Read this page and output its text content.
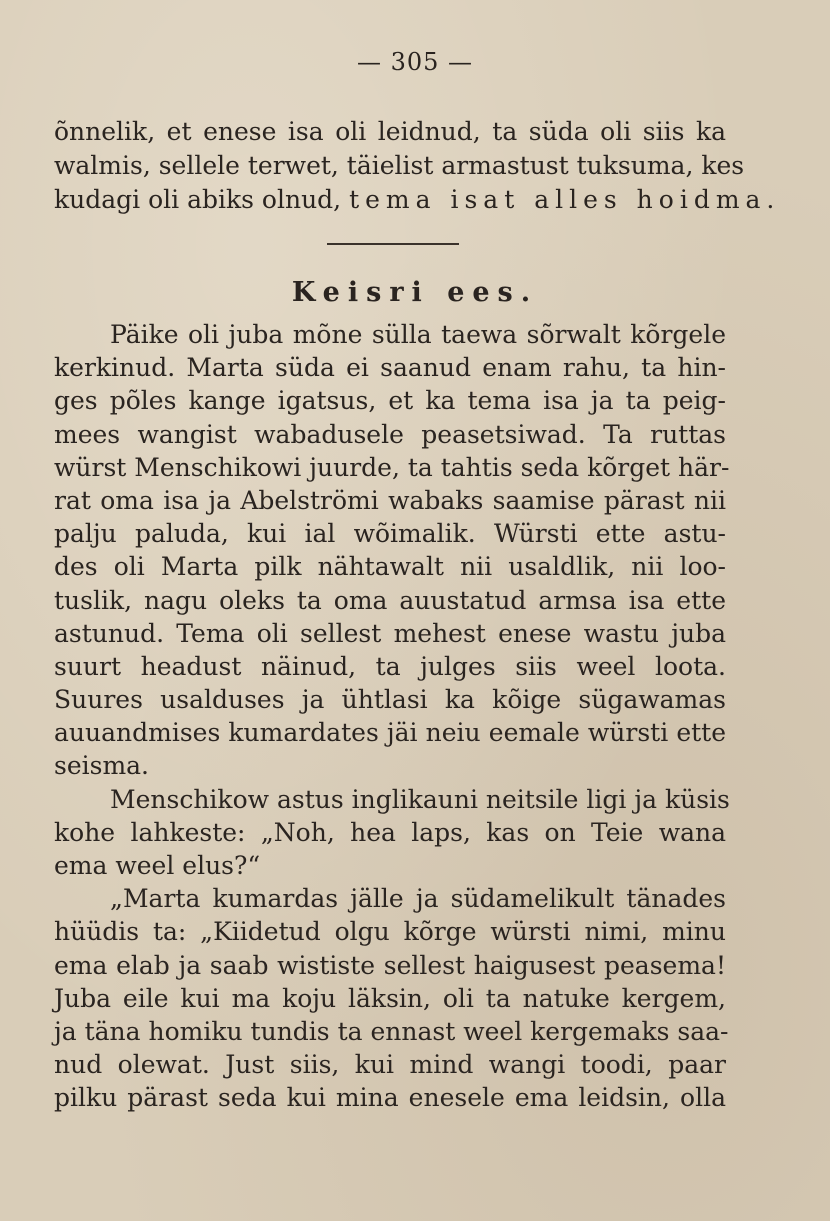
— 305 —
õnnelik, et enese isa oli leidnud, ta süda oli siis ka
walmis, sellele terwet, täielist armastust tuksuma, kes
kudagi oli abiks olnud, tema isat alles hoidma.
Keisri ees.
Päike oli juba mõne sülla taewa sõrwalt kõrgele
kerkinud. Marta süda ei saanud enam rahu, ta hin-
ges põles kange igatsus, et ka tema isa ja ta peig-
mees wangist wabadusele peasetsiwad. Ta ruttas
würst Menschikowi juurde, ta tahtis seda kõrget här-
rat oma isa ja Abelströmi wabaks saamise pärast nii
palju paluda, kui ial wõimalik. Würsti ette astu-
des oli Marta pilk nähtawalt nii usaldlik, nii loo-
tuslik, nagu oleks ta oma auustatud armsa isa ette
astunud. Tema oli sellest mehest enese wastu juba
suurt headust näinud, ta julges siis weel loota.
Suures usalduses ja ühtlasi ka kõige sügawamas
auuandmises kumardates jäi neiu eemale würsti ette
seisma.
Menschikow astus inglikauni neitsile ligi ja küsis
kohe lahkeste: „Noh, hea laps, kas on Teie wana
ema weel elus?“
„Marta kumardas jälle ja südamelikult tänades
hüüdis ta: „Kiidetud olgu kõrge würsti nimi, minu
ema elab ja saab wististe sellest haigusest peasema!
Juba eile kui ma koju läksin, oli ta natuke kergem,
ja täna homiku tundis ta ennast weel kergemaks saa-
nud olewat. Just siis, kui mind wangi toodi, paar
pilku pärast seda kui mina enesele ema leidsin, olla
